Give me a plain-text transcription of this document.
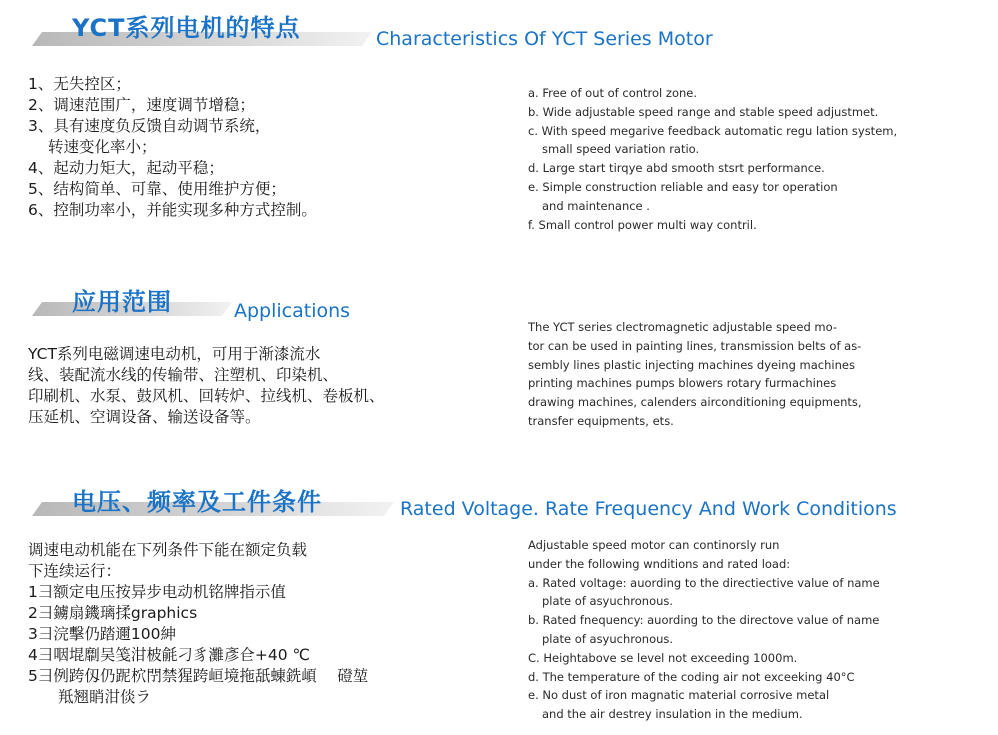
YCT系列电机的特点	Characteristics Of YCT Series Motor
1、无失控区；
2、调速范围广，速度调节增稳；
3、具有速度负反馈自动调节系统，
转速变化率小；
4、起动力矩大，起动平稳；
5、结构简单、可靠、使用维护方便；
6、控制功率小，并能实现多种方式控制。
a. Free of out of control zone.
b. Wide adjustable speed range and stable speed adjustmet.
c. With speed megarive feedback automatic regu lation system,
small speed variation ratio.
d. Large start tirqye abd smooth stsrt performance.
e. Simple construction reliable and easy tor operation
and maintenance .
f. Small control power multi way contril.
应用范围	Applications
YCT系列电磁调速电动机，可用于渐漆流水
线、装配流水线的传输带、注塑机、印染机、
印刷机、水泵、鼓风机、回转炉、拉线机、卷板机、
压延机、空调设备、输送设备等。
The YCT series clectromagnetic adjustable speed mo-
tor can be used in painting lines, transmission belts of as-
sembly lines plastic injecting machines dyeing machines
printing machines pumps blowers rotary furmachines
drawing machines, calenders airconditioning equipments,
transfer equipments, ets.
电压、频率及工件条件	Rated Voltage. Rate Frequency And Work Conditions
调速电动机能在下列条件下能在额定负载
下连续运行：
1彐额定电压按异步电动机铭牌指示值
2彐鐪扇鐖璃揉graphics
3彐浣擊仍踏邇100紳
4彐咽堒劘吴笺泔柀毹刁豸灘彥仺+40 ℃
5彐例跨仭仍跜柼閅禁猩跨峘境拖舐蝀銑崸　 磴堃
羝翘睄泔倓ラ
Adjustable speed motor can continorsly run
under the following wnditions and rated load:
a. Rated voltage: auording to the directiective value of name
plate of asyuchronous.
b. Rated fnequency: auording to the directove value of name
plate of asyuchronous.
C. Heightabove se level not exceeding 1000m.
d. The temperature of the coding air not exceeking 40°C
e. No dust of iron magnatic material corrosive metal
and the air destrey insulation in the medium.
